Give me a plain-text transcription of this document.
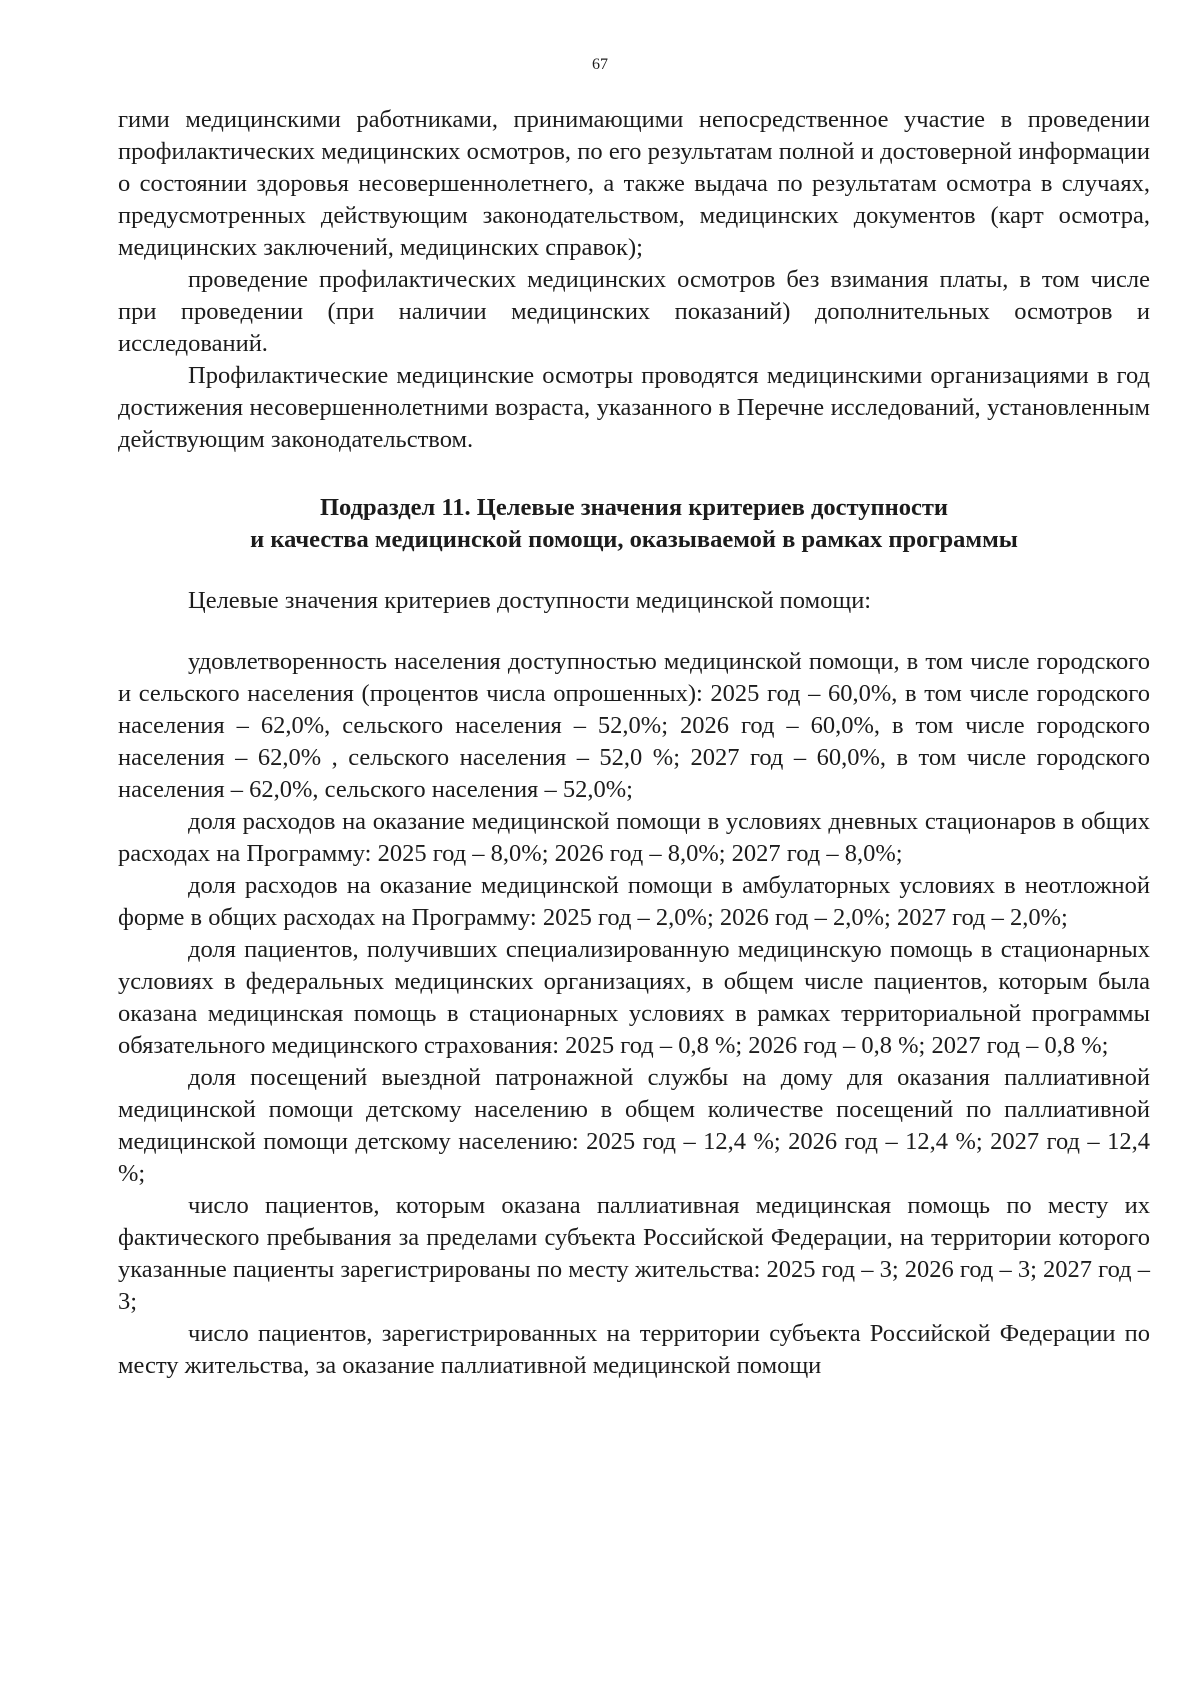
67

гими медицинскими работниками, принимающими непосредственное участие в проведении профилактических медицинских осмотров, по его результатам полной и достоверной информации о состоянии здоровья несовершеннолетнего, а также выдача по результатам осмотра в случаях, предусмотренных действующим законодательством, медицинских документов (карт осмотра, медицинских заключений, медицинских справок);

проведение профилактических медицинских осмотров без взимания платы, в том числе при проведении (при наличии медицинских показаний) дополнительных осмотров и исследований.

Профилактические медицинские осмотры проводятся медицинскими организациями в год достижения несовершеннолетними возраста, указанного в Перечне исследований, установленным действующим законодательством.

Подраздел 11. Целевые значения критериев доступности
и качества медицинской помощи, оказываемой в рамках программы
Целевые значения критериев доступности медицинской помощи:

удовлетворенность населения доступностью медицинской помощи, в том числе городского и сельского населения (процентов числа опрошенных): 2025 год – 60,0%, в том числе городского населения – 62,0%, сельского населения – 52,0%; 2026 год – 60,0%, в том числе городского населения – 62,0% , сельского населения – 52,0 %; 2027 год – 60,0%, в том числе городского населения – 62,0%, сельского населения – 52,0%;

доля расходов на оказание медицинской помощи в условиях дневных стационаров в общих расходах на Программу: 2025 год – 8,0%; 2026 год – 8,0%; 2027 год – 8,0%;

доля расходов на оказание медицинской помощи в амбулаторных условиях в неотложной форме в общих расходах на Программу: 2025 год – 2,0%; 2026 год – 2,0%; 2027 год – 2,0%;

доля пациентов, получивших специализированную медицинскую помощь в стационарных условиях в федеральных медицинских организациях, в общем числе пациентов, которым была оказана медицинская помощь в стационарных условиях в рамках территориальной программы обязательного медицинского страхования: 2025 год – 0,8 %; 2026 год – 0,8 %; 2027 год – 0,8 %;

доля посещений выездной патронажной службы на дому для оказания паллиативной медицинской помощи детскому населению в общем количестве посещений по паллиативной медицинской помощи детскому населению: 2025 год – 12,4 %; 2026 год – 12,4 %; 2027 год – 12,4 %;

число пациентов, которым оказана паллиативная медицинская помощь по месту их фактического пребывания за пределами субъекта Российской Федерации, на территории которого указанные пациенты зарегистрированы по месту жительства: 2025 год – 3; 2026 год – 3; 2027 год – 3;

число пациентов, зарегистрированных на территории субъекта Российской Федерации по месту жительства, за оказание паллиативной медицинской помощи
